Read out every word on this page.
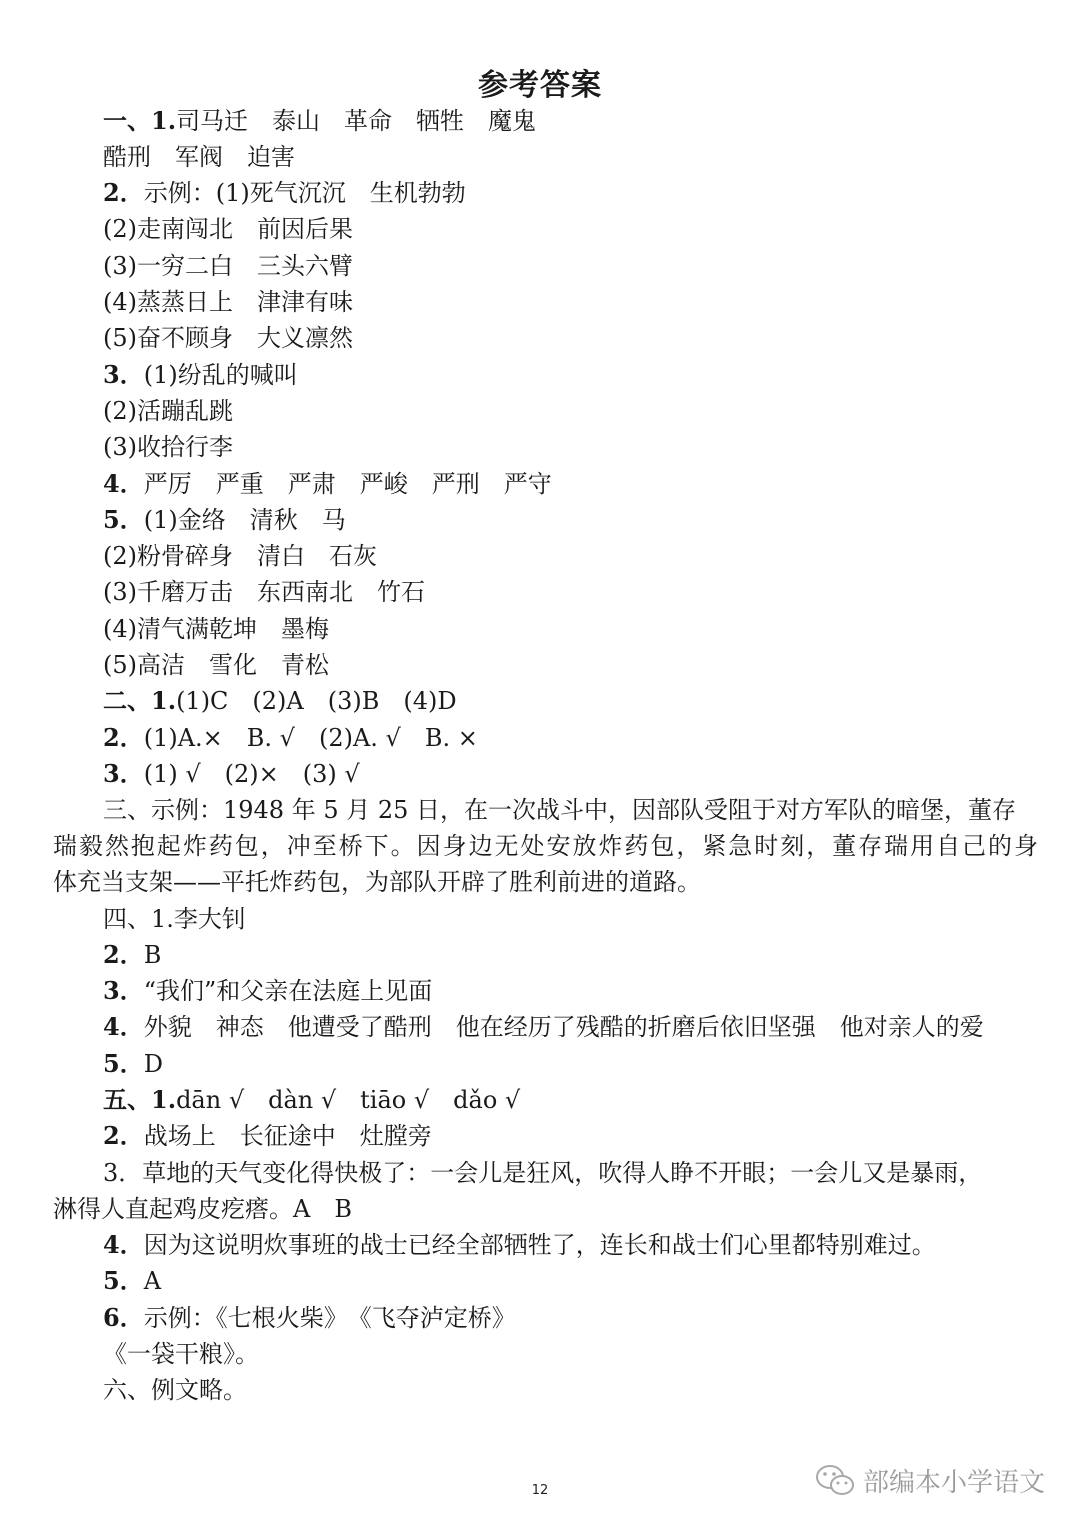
参考答案
一、1.司马迁　泰山　革命　牺牲　魔鬼
酷刑　军阀　迫害
2．示例：(1)死气沉沉　生机勃勃
(2)走南闯北　前因后果
(3)一穷二白　三头六臂
(4)蒸蒸日上　津津有味
(5)奋不顾身　大义凛然
3．(1)纷乱的喊叫
(2)活蹦乱跳
(3)收拾行李
4．严厉　严重　严肃　严峻　严刑　严守
5．(1)金络　清秋　马
(2)粉骨碎身　清白　石灰
(3)千磨万击　东西南北　竹石
(4)清气满乾坤　墨梅
(5)高洁　雪化　青松
二、1.(1)C　(2)A　(3)B　(4)D
2．(1)A.×　B. √　(2)A. √　B. ×
3．(1) √　(2)×　(3) √
三、示例：1948 年 5 月 25 日，在一次战斗中，因部队受阻于对方军队的暗堡，董存
瑞毅然抱起炸药包，冲至桥下。因身边无处安放炸药包，紧急时刻，董存瑞用自己的身
体充当支架——平托炸药包，为部队开辟了胜利前进的道路。
四、1.李大钊
2．B
3．“我们”和父亲在法庭上见面
4．外貌　神态　他遭受了酷刑　他在经历了残酷的折磨后依旧坚强　他对亲人的爱
5．D
五、1.dān √　dàn √　tiāo √　dǎo √
2．战场上　长征途中　灶膛旁
3．草地的天气变化得快极了：一会儿是狂风，吹得人睁不开眼；一会儿又是暴雨，
淋得人直起鸡皮疙瘩。A　B
4．因为这说明炊事班的战士已经全部牺牲了，连长和战士们心里都特别难过。
5．A
6．示例：《七根火柴》　《飞夺泸定桥》
《一袋干粮》。
六、例文略。
12	部编本小学语文
